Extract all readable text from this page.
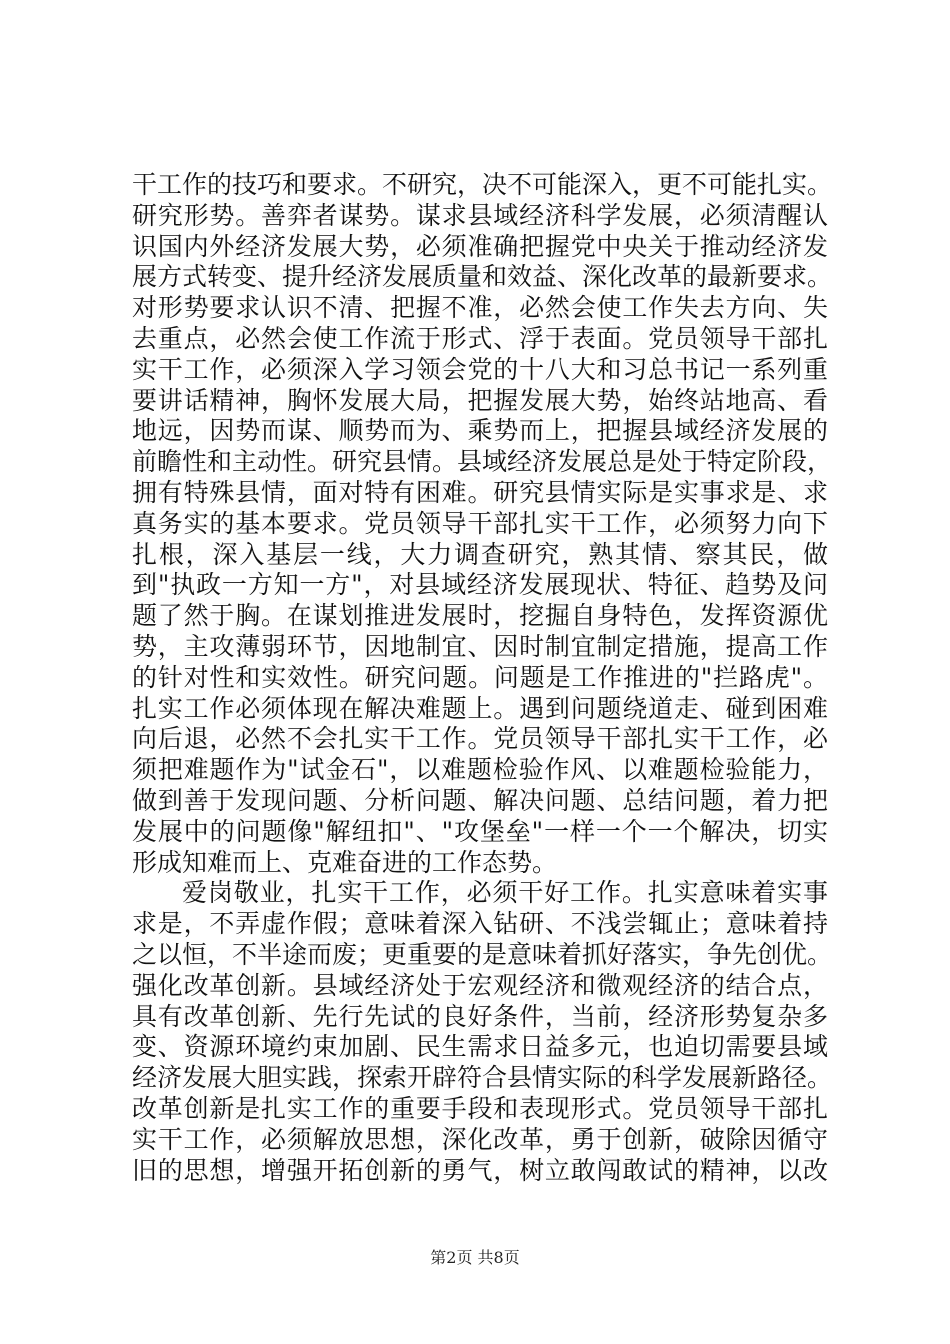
干工作的技巧和要求。不研究，决不可能深入，更不可能扎实。
研究形势。善弈者谋势。谋求县域经济科学发展，必须清醒认
识国内外经济发展大势，必须准确把握党中央关于推动经济发
展方式转变、提升经济发展质量和效益、深化改革的最新要求。
对形势要求认识不清、把握不准，必然会使工作失去方向、失
去重点，必然会使工作流于形式、浮于表面。党员领导干部扎
实干工作，必须深入学习领会党的十八大和习总书记一系列重
要讲话精神，胸怀发展大局，把握发展大势，始终站地高、看
地远，因势而谋、顺势而为、乘势而上，把握县域经济发展的
前瞻性和主动性。研究县情。县域经济发展总是处于特定阶段，
拥有特殊县情，面对特有困难。研究县情实际是实事求是、求
真务实的基本要求。党员领导干部扎实干工作，必须努力向下
扎根，深入基层一线，大力调查研究，熟其情、察其民，做
到"执政一方知一方"，对县域经济发展现状、特征、趋势及问
题了然于胸。在谋划推进发展时，挖掘自身特色，发挥资源优
势，主攻薄弱环节，因地制宜、因时制宜制定措施，提高工作
的针对性和实效性。研究问题。问题是工作推进的"拦路虎"。
扎实工作必须体现在解决难题上。遇到问题绕道走、碰到困难
向后退，必然不会扎实干工作。党员领导干部扎实干工作，必
须把难题作为"试金石"，以难题检验作风、以难题检验能力，
做到善于发现问题、分析问题、解决问题、总结问题，着力把
发展中的问题像"解纽扣"、"攻堡垒"一样一个一个解决，切实
形成知难而上、克难奋进的工作态势。
爱岗敬业，扎实干工作，必须干好工作。扎实意味着实事
求是，不弄虚作假；意味着深入钻研、不浅尝辄止；意味着持
之以恒，不半途而废；更重要的是意味着抓好落实，争先创优。
强化改革创新。县域经济处于宏观经济和微观经济的结合点，
具有改革创新、先行先试的良好条件，当前，经济形势复杂多
变、资源环境约束加剧、民生需求日益多元，也迫切需要县域
经济发展大胆实践，探索开辟符合县情实际的科学发展新路径。
改革创新是扎实工作的重要手段和表现形式。党员领导干部扎
实干工作，必须解放思想，深化改革，勇于创新，破除因循守
旧的思想，增强开拓创新的勇气，树立敢闯敢试的精神，以改
第2页 共8页
